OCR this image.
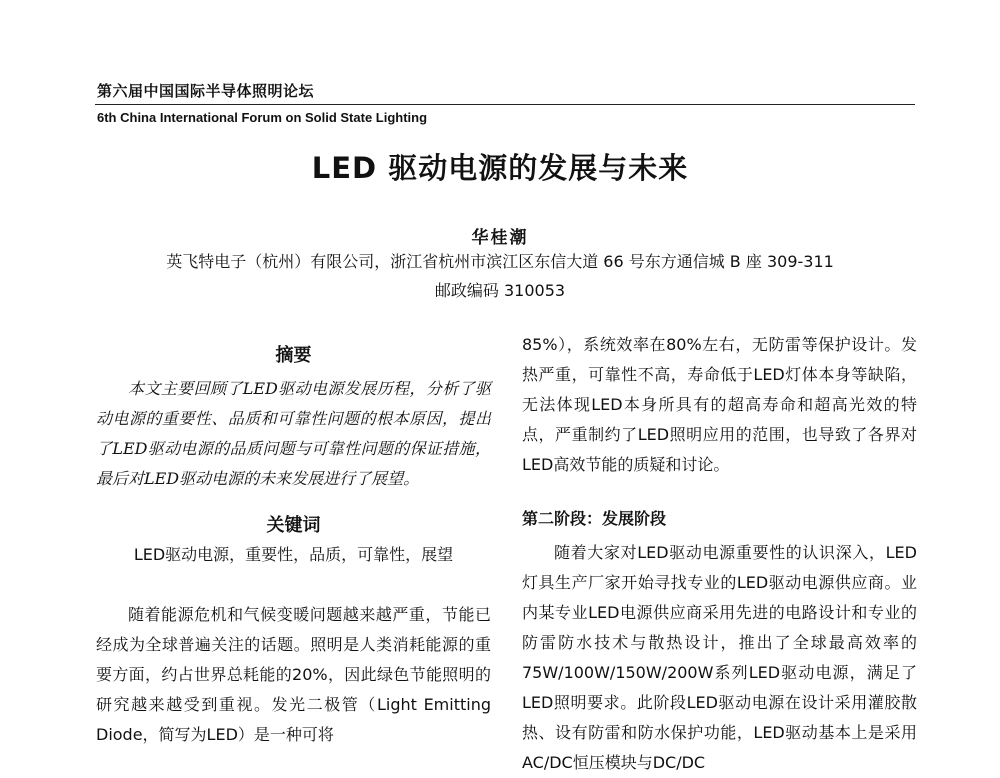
第六届中国国际半导体照明论坛
6th China International Forum on Solid State Lighting
LED 驱动电源的发展与未来
华桂潮
英飞特电子（杭州）有限公司，浙江省杭州市滨江区东信大道 66 号东方通信城 B 座 309-311
邮政编码 310053
摘要

本文主要回顾了LED驱动电源发展历程，分析了驱动电源的重要性、品质和可靠性问题的根本原因，提出了LED驱动电源的品质问题与可靠性问题的保证措施，最后对LED驱动电源的未来发展进行了展望。

关键词

LED驱动电源，重要性，品质，可靠性，展望

随着能源危机和气候变暖问题越来越严重，节能已经成为全球普遍关注的话题。照明是人类消耗能源的重要方面，约占世界总耗能的20%，因此绿色节能照明的研究越来越受到重视。发光二极管（Light Emitting Diode，简写为LED）是一种可将

85%），系统效率在80%左右，无防雷等保护设计。发热严重，可靠性不高，寿命低于LED灯体本身等缺陷，无法体现LED本身所具有的超高寿命和超高光效的特点，严重制约了LED照明应用的范围，也导致了各界对LED高效节能的质疑和讨论。

第二阶段：发展阶段

随着大家对LED驱动电源重要性的认识深入，LED灯具生产厂家开始寻找专业的LED驱动电源供应商。业内某专业LED电源供应商采用先进的电路设计和专业的防雷防水技术与散热设计，推出了全球最高效率的75W/100W/150W/200W系列LED驱动电源，满足了LED照明要求。此阶段LED驱动电源在设计采用灌胶散热、设有防雷和防水保护功能，LED驱动基本上是采用AC/DC恒压模块与DC/DC
